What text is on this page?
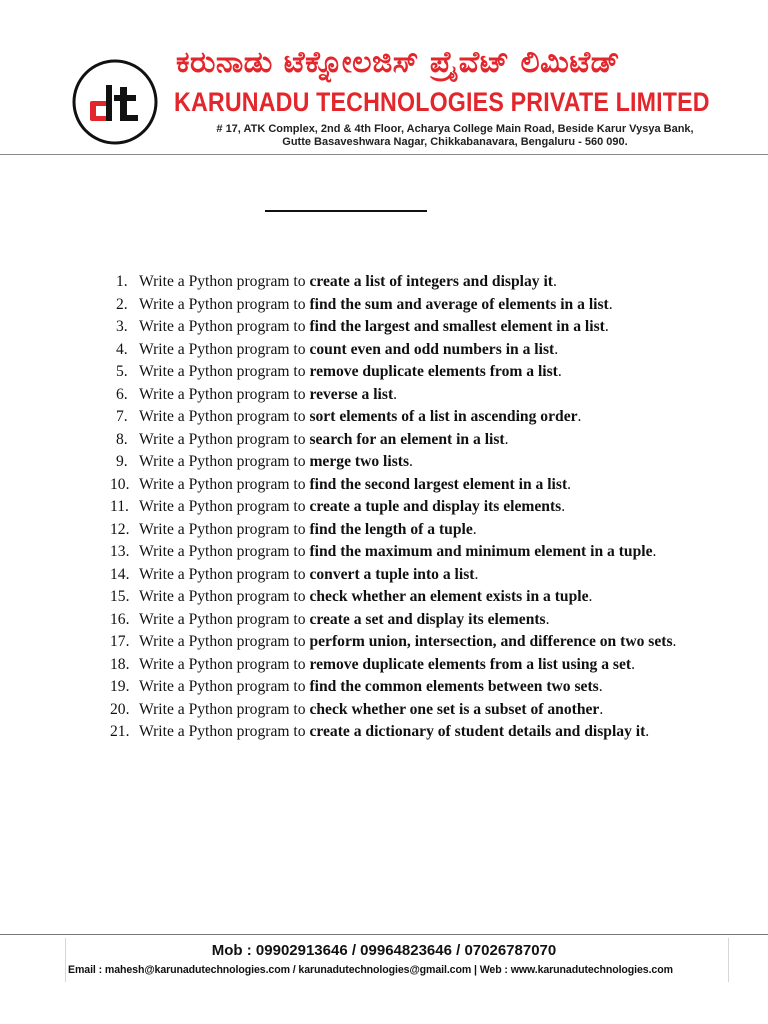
ಕರುನಾಡು ಟೆಕ್ನೋಲಜಿಸ್ ಪ್ರೈವೆಟ್ ಲಿಮಿಟೆಡ್
KARUNADU TECHNOLOGIES PRIVATE LIMITED
# 17, ATK Complex, 2nd & 4th Floor, Acharya College Main Road, Beside Karur Vysya Bank,
Gutte Basaveshwara Nagar, Chikkabanavara, Bengaluru - 560 090.
1. Write a Python program to create a list of integers and display it.
2. Write a Python program to find the sum and average of elements in a list.
3. Write a Python program to find the largest and smallest element in a list.
4. Write a Python program to count even and odd numbers in a list.
5. Write a Python program to remove duplicate elements from a list.
6. Write a Python program to reverse a list.
7. Write a Python program to sort elements of a list in ascending order.
8. Write a Python program to search for an element in a list.
9. Write a Python program to merge two lists.
10. Write a Python program to find the second largest element in a list.
11. Write a Python program to create a tuple and display its elements.
12. Write a Python program to find the length of a tuple.
13. Write a Python program to find the maximum and minimum element in a tuple.
14. Write a Python program to convert a tuple into a list.
15. Write a Python program to check whether an element exists in a tuple.
16. Write a Python program to create a set and display its elements.
17. Write a Python program to perform union, intersection, and difference on two sets.
18. Write a Python program to remove duplicate elements from a list using a set.
19. Write a Python program to find the common elements between two sets.
20. Write a Python program to check whether one set is a subset of another.
21. Write a Python program to create a dictionary of student details and display it.
Mob : 09902913646 / 09964823646 / 07026787070
Email : mahesh@karunadutechnologies.com / karunadutechnologies@gmail.com | Web : www.karunadutechnologies.com
